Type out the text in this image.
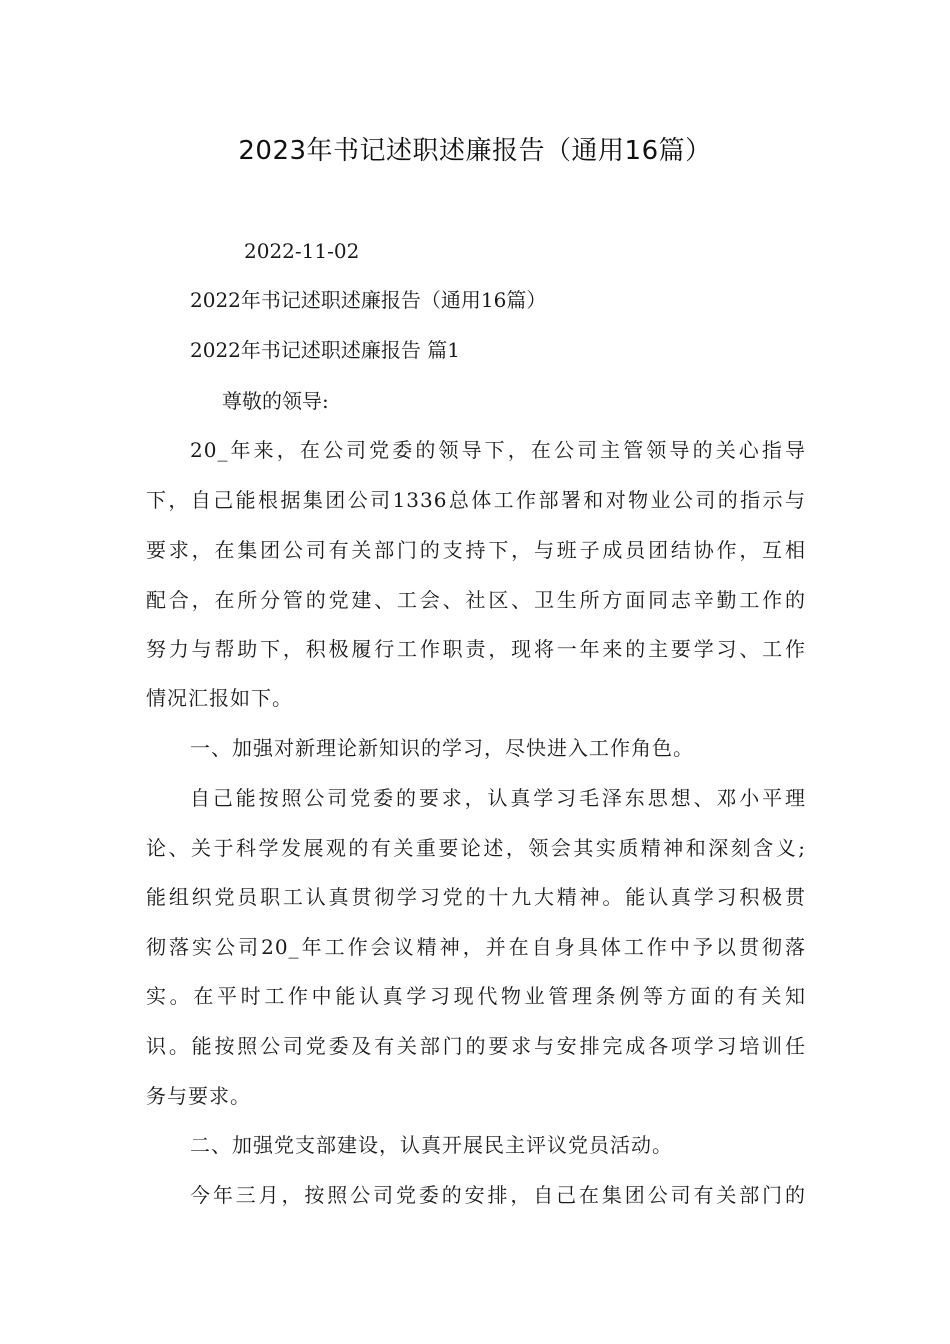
2023年书记述职述廉报告（通用16篇）
2022-11-02
2022年书记述职述廉报告（通用16篇）
2022年书记述职述廉报告 篇1
尊敬的领导:
20_年来，在公司党委的领导下，在公司主管领导的关心指导
下，自己能根据集团公司1336总体工作部署和对物业公司的指示与
要求，在集团公司有关部门的支持下，与班子成员团结协作，互相
配合，在所分管的党建、工会、社区、卫生所方面同志辛勤工作的
努力与帮助下，积极履行工作职责，现将一年来的主要学习、工作
情况汇报如下。
一、加强对新理论新知识的学习，尽快进入工作角色。
自己能按照公司党委的要求，认真学习毛泽东思想、邓小平理
论、关于科学发展观的有关重要论述，领会其实质精神和深刻含义;
能组织党员职工认真贯彻学习党的十九大精神。能认真学习积极贯
彻落实公司20_年工作会议精神，并在自身具体工作中予以贯彻落
实。在平时工作中能认真学习现代物业管理条例等方面的有关知
识。能按照公司党委及有关部门的要求与安排完成各项学习培训任
务与要求。
二、加强党支部建设，认真开展民主评议党员活动。
今年三月，按照公司党委的安排，自己在集团公司有关部门的
